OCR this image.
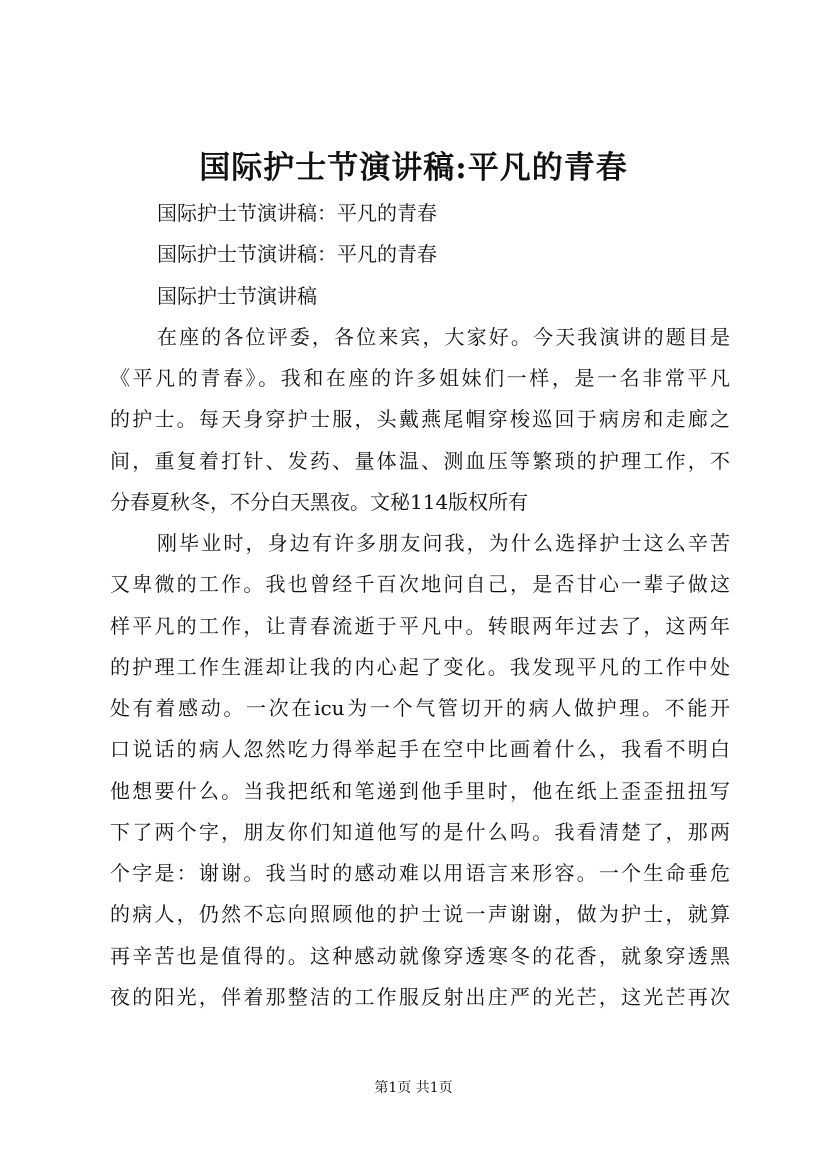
国际护士节演讲稿:平凡的青春
国际护士节演讲稿：平凡的青春
国际护士节演讲稿：平凡的青春
国际护士节演讲稿
在座的各位评委，各位来宾，大家好。今天我演讲的题目是
《平凡的青春》。我和在座的许多姐妹们一样，是一名非常平凡
的护士。每天身穿护士服，头戴燕尾帽穿梭巡回于病房和走廊之
间，重复着打针、发药、量体温、测血压等繁琐的护理工作，不
分春夏秋冬，不分白天黑夜。文秘114版权所有
刚毕业时，身边有许多朋友问我，为什么选择护士这么辛苦
又卑微的工作。我也曾经千百次地问自己，是否甘心一辈子做这
样平凡的工作，让青春流逝于平凡中。转眼两年过去了，这两年
的护理工作生涯却让我的内心起了变化。我发现平凡的工作中处
处有着感动。一次在icu为一个气管切开的病人做护理。不能开
口说话的病人忽然吃力得举起手在空中比画着什么，我看不明白
他想要什么。当我把纸和笔递到他手里时，他在纸上歪歪扭扭写
下了两个字，朋友你们知道他写的是什么吗。我看清楚了，那两
个字是：谢谢。我当时的感动难以用语言来形容。一个生命垂危
的病人，仍然不忘向照顾他的护士说一声谢谢，做为护士，就算
再辛苦也是值得的。这种感动就像穿透寒冬的花香，就象穿透黑
夜的阳光，伴着那整洁的工作服反射出庄严的光芒，这光芒再次
第1页 共1页
